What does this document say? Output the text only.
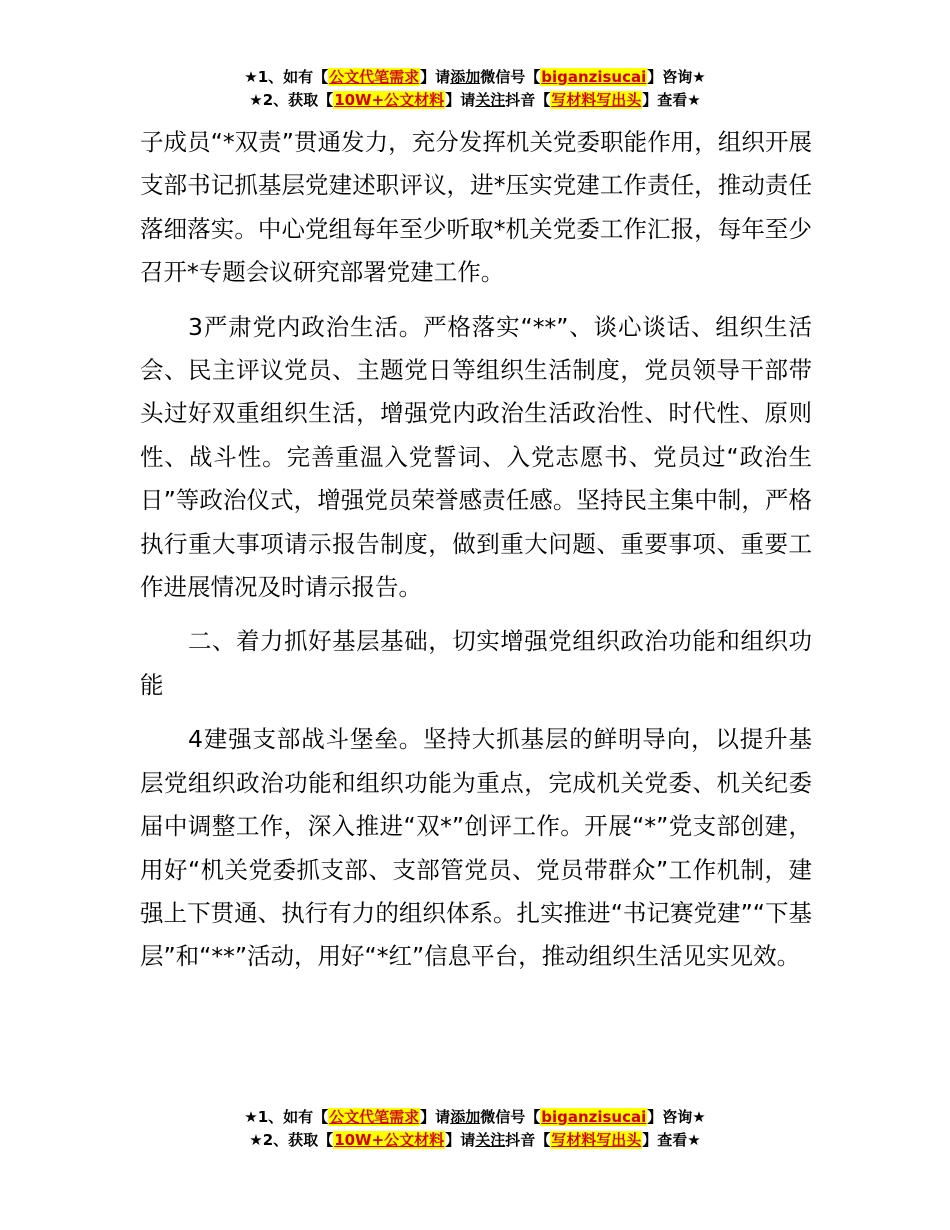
★1、如有【公文代笔需求】请添加微信号【biganzisucai】咨询★
★2、获取【10W+公文材料】请关注抖音【写材料写出头】查看★

子成员“*双责”贯通发力，充分发挥机关党委职能作用，组织开展支部书记抓基层党建述职评议，进*压实党建工作责任，推动责任落细落实。中心党组每年至少听取*机关党委工作汇报，每年至少召开*专题会议研究部署党建工作。

3严肃党内政治生活。严格落实“**”、谈心谈话、组织生活会、民主评议党员、主题党日等组织生活制度，党员领导干部带头过好双重组织生活，增强党内政治生活政治性、时代性、原则性、战斗性。完善重温入党誓词、入党志愿书、党员过“政治生日”等政治仪式，增强党员荣誉感责任感。坚持民主集中制，严格执行重大事项请示报告制度，做到重大问题、重要事项、重要工作进展情况及时请示报告。

二、着力抓好基层基础，切实增强党组织政治功能和组织功能

4建强支部战斗堡垒。坚持大抓基层的鲜明导向，以提升基层党组织政治功能和组织功能为重点，完成机关党委、机关纪委届中调整工作，深入推进“双*”创评工作。开展“*”党支部创建，用好“机关党委抓支部、支部管党员、党员带群众”工作机制，建强上下贯通、执行有力的组织体系。扎实推进“书记赛党建”“下基层”和“**”活动，用好“*红”信息平台，推动组织生活见实见效。

★1、如有【公文代笔需求】请添加微信号【biganzisucai】咨询★
★2、获取【10W+公文材料】请关注抖音【写材料写出头】查看★
